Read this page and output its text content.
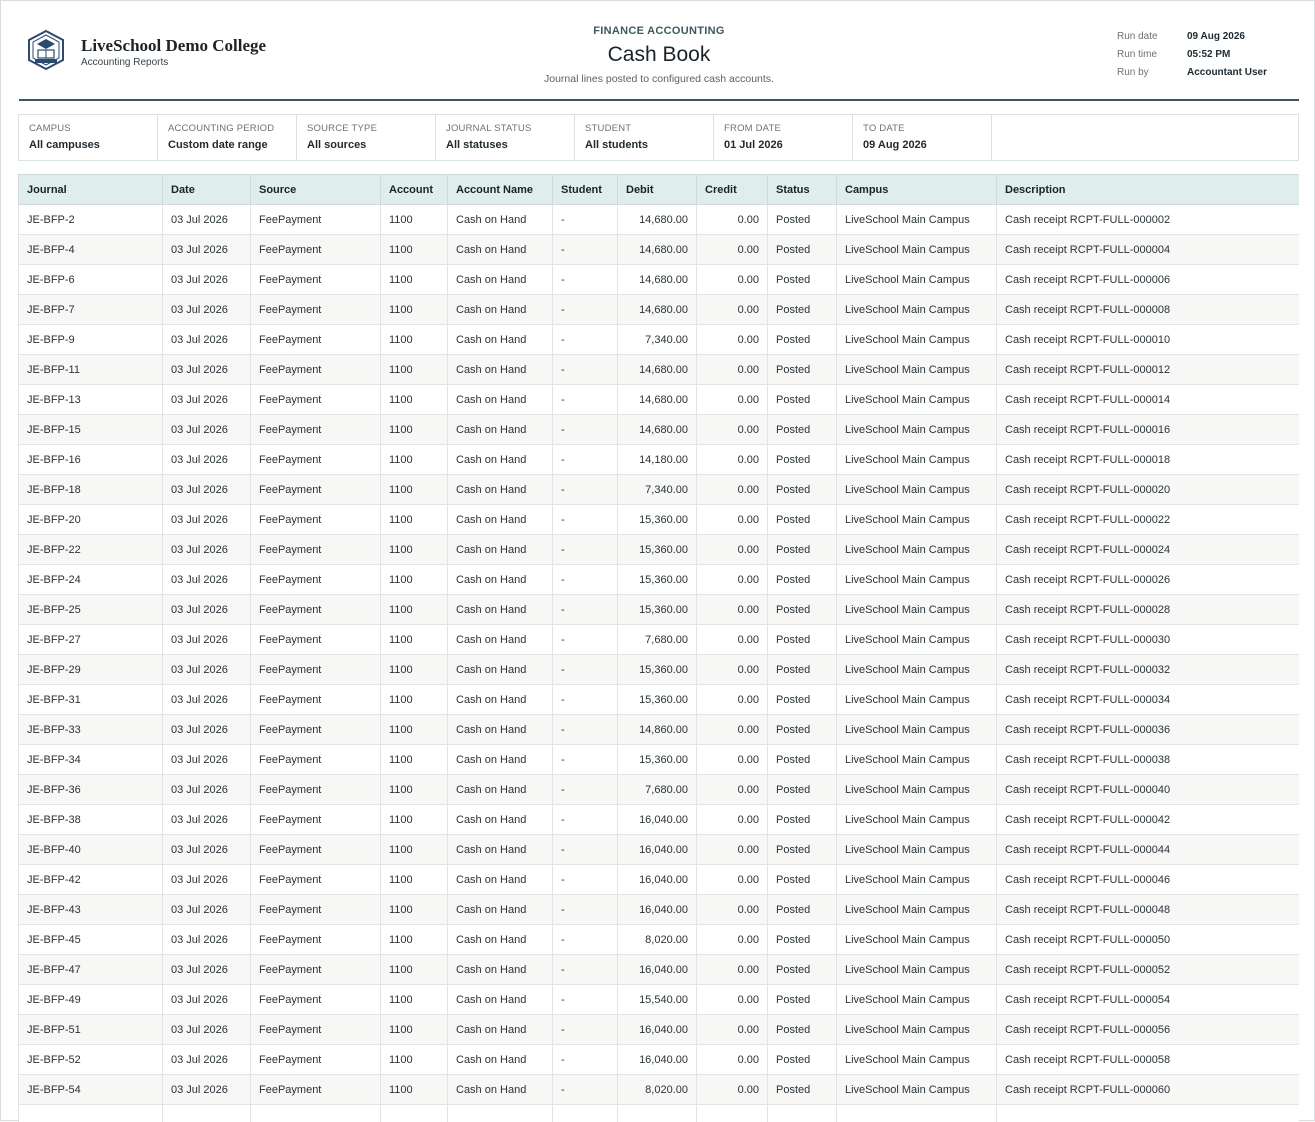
LiveSchool Demo College
Accounting Reports
FINANCE ACCOUNTING
Cash Book
Journal lines posted to configured cash accounts.
Run date	09 Aug 2026
Run time	05:52 PM
Run by	Accountant User
CAMPUS
All campuses
ACCOUNTING PERIOD
Custom date range
SOURCE TYPE
All sources
JOURNAL STATUS
All statuses
STUDENT
All students
FROM DATE
01 Jul 2026
TO DATE
09 Aug 2026
Journal	Date	Source	Account	Account Name	Student	Debit	Credit	Status	Campus	Description
JE-BFP-2	03 Jul 2026	FeePayment	1100	Cash on Hand	-	14,680.00	0.00	Posted	LiveSchool Main Campus	Cash receipt RCPT-FULL-000002
JE-BFP-4	03 Jul 2026	FeePayment	1100	Cash on Hand	-	14,680.00	0.00	Posted	LiveSchool Main Campus	Cash receipt RCPT-FULL-000004
JE-BFP-6	03 Jul 2026	FeePayment	1100	Cash on Hand	-	14,680.00	0.00	Posted	LiveSchool Main Campus	Cash receipt RCPT-FULL-000006
JE-BFP-7	03 Jul 2026	FeePayment	1100	Cash on Hand	-	14,680.00	0.00	Posted	LiveSchool Main Campus	Cash receipt RCPT-FULL-000008
JE-BFP-9	03 Jul 2026	FeePayment	1100	Cash on Hand	-	7,340.00	0.00	Posted	LiveSchool Main Campus	Cash receipt RCPT-FULL-000010
JE-BFP-11	03 Jul 2026	FeePayment	1100	Cash on Hand	-	14,680.00	0.00	Posted	LiveSchool Main Campus	Cash receipt RCPT-FULL-000012
JE-BFP-13	03 Jul 2026	FeePayment	1100	Cash on Hand	-	14,680.00	0.00	Posted	LiveSchool Main Campus	Cash receipt RCPT-FULL-000014
JE-BFP-15	03 Jul 2026	FeePayment	1100	Cash on Hand	-	14,680.00	0.00	Posted	LiveSchool Main Campus	Cash receipt RCPT-FULL-000016
JE-BFP-16	03 Jul 2026	FeePayment	1100	Cash on Hand	-	14,180.00	0.00	Posted	LiveSchool Main Campus	Cash receipt RCPT-FULL-000018
JE-BFP-18	03 Jul 2026	FeePayment	1100	Cash on Hand	-	7,340.00	0.00	Posted	LiveSchool Main Campus	Cash receipt RCPT-FULL-000020
JE-BFP-20	03 Jul 2026	FeePayment	1100	Cash on Hand	-	15,360.00	0.00	Posted	LiveSchool Main Campus	Cash receipt RCPT-FULL-000022
JE-BFP-22	03 Jul 2026	FeePayment	1100	Cash on Hand	-	15,360.00	0.00	Posted	LiveSchool Main Campus	Cash receipt RCPT-FULL-000024
JE-BFP-24	03 Jul 2026	FeePayment	1100	Cash on Hand	-	15,360.00	0.00	Posted	LiveSchool Main Campus	Cash receipt RCPT-FULL-000026
JE-BFP-25	03 Jul 2026	FeePayment	1100	Cash on Hand	-	15,360.00	0.00	Posted	LiveSchool Main Campus	Cash receipt RCPT-FULL-000028
JE-BFP-27	03 Jul 2026	FeePayment	1100	Cash on Hand	-	7,680.00	0.00	Posted	LiveSchool Main Campus	Cash receipt RCPT-FULL-000030
JE-BFP-29	03 Jul 2026	FeePayment	1100	Cash on Hand	-	15,360.00	0.00	Posted	LiveSchool Main Campus	Cash receipt RCPT-FULL-000032
JE-BFP-31	03 Jul 2026	FeePayment	1100	Cash on Hand	-	15,360.00	0.00	Posted	LiveSchool Main Campus	Cash receipt RCPT-FULL-000034
JE-BFP-33	03 Jul 2026	FeePayment	1100	Cash on Hand	-	14,860.00	0.00	Posted	LiveSchool Main Campus	Cash receipt RCPT-FULL-000036
JE-BFP-34	03 Jul 2026	FeePayment	1100	Cash on Hand	-	15,360.00	0.00	Posted	LiveSchool Main Campus	Cash receipt RCPT-FULL-000038
JE-BFP-36	03 Jul 2026	FeePayment	1100	Cash on Hand	-	7,680.00	0.00	Posted	LiveSchool Main Campus	Cash receipt RCPT-FULL-000040
JE-BFP-38	03 Jul 2026	FeePayment	1100	Cash on Hand	-	16,040.00	0.00	Posted	LiveSchool Main Campus	Cash receipt RCPT-FULL-000042
JE-BFP-40	03 Jul 2026	FeePayment	1100	Cash on Hand	-	16,040.00	0.00	Posted	LiveSchool Main Campus	Cash receipt RCPT-FULL-000044
JE-BFP-42	03 Jul 2026	FeePayment	1100	Cash on Hand	-	16,040.00	0.00	Posted	LiveSchool Main Campus	Cash receipt RCPT-FULL-000046
JE-BFP-43	03 Jul 2026	FeePayment	1100	Cash on Hand	-	16,040.00	0.00	Posted	LiveSchool Main Campus	Cash receipt RCPT-FULL-000048
JE-BFP-45	03 Jul 2026	FeePayment	1100	Cash on Hand	-	8,020.00	0.00	Posted	LiveSchool Main Campus	Cash receipt RCPT-FULL-000050
JE-BFP-47	03 Jul 2026	FeePayment	1100	Cash on Hand	-	16,040.00	0.00	Posted	LiveSchool Main Campus	Cash receipt RCPT-FULL-000052
JE-BFP-49	03 Jul 2026	FeePayment	1100	Cash on Hand	-	15,540.00	0.00	Posted	LiveSchool Main Campus	Cash receipt RCPT-FULL-000054
JE-BFP-51	03 Jul 2026	FeePayment	1100	Cash on Hand	-	16,040.00	0.00	Posted	LiveSchool Main Campus	Cash receipt RCPT-FULL-000056
JE-BFP-52	03 Jul 2026	FeePayment	1100	Cash on Hand	-	16,040.00	0.00	Posted	LiveSchool Main Campus	Cash receipt RCPT-FULL-000058
JE-BFP-54	03 Jul 2026	FeePayment	1100	Cash on Hand	-	8,020.00	0.00	Posted	LiveSchool Main Campus	Cash receipt RCPT-FULL-000060
